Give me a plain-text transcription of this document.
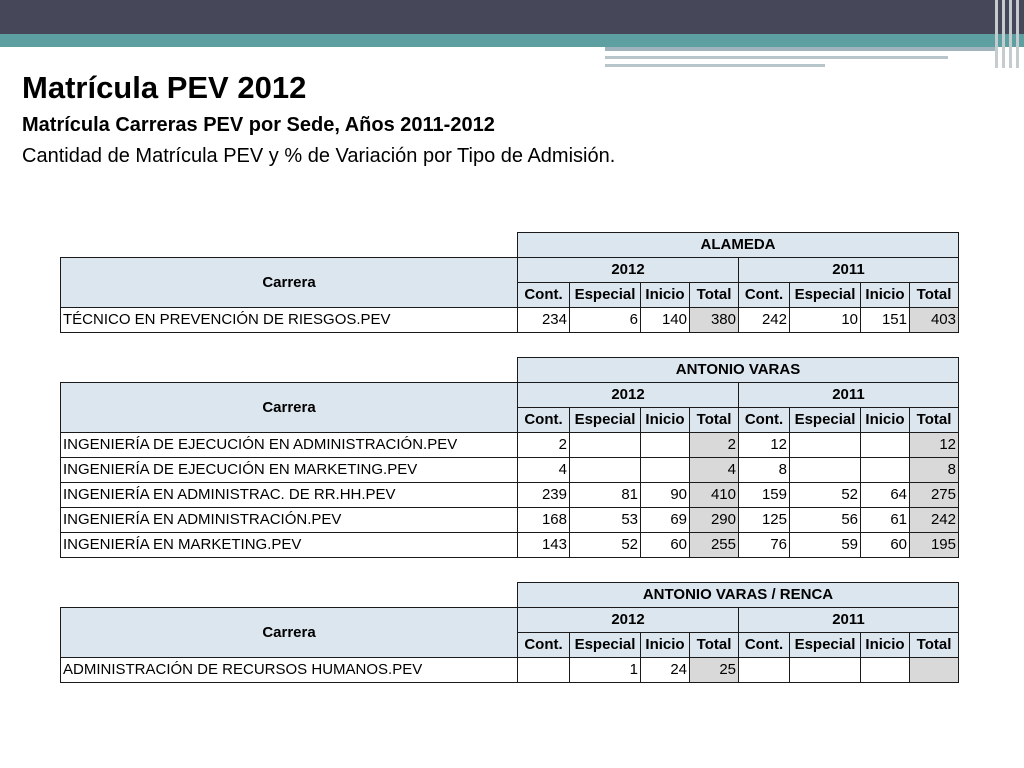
Matrícula PEV 2012
Matrícula Carreras PEV por Sede, Años 2011-2012

Cantidad de Matrícula PEV y % de Variación por Tipo de Admisión.

	ALAMEDA							
Carrera	2012				2011			
	Cont.	Especial	Inicio	Total	Cont.	Especial	Inicio	Total
TÉCNICO EN PREVENCIÓN DE RIESGOS.PEV	234	6	140	380	242	10	151	403
	ANTONIO VARAS							
Carrera	2012				2011			
	Cont.	Especial	Inicio	Total	Cont.	Especial	Inicio	Total
INGENIERÍA DE EJECUCIÓN EN ADMINISTRACIÓN.PEV	2			2	12			12
INGENIERÍA DE EJECUCIÓN EN MARKETING.PEV	4			4	8			8
INGENIERÍA EN ADMINISTRAC. DE RR.HH.PEV	239	81	90	410	159	52	64	275
INGENIERÍA EN ADMINISTRACIÓN.PEV	168	53	69	290	125	56	61	242
INGENIERÍA EN MARKETING.PEV	143	52	60	255	76	59	60	195
	ANTONIO VARAS / RENCA							
Carrera	2012				2011			
	Cont.	Especial	Inicio	Total	Cont.	Especial	Inicio	Total
ADMINISTRACIÓN DE RECURSOS HUMANOS.PEV		1	24	25				
